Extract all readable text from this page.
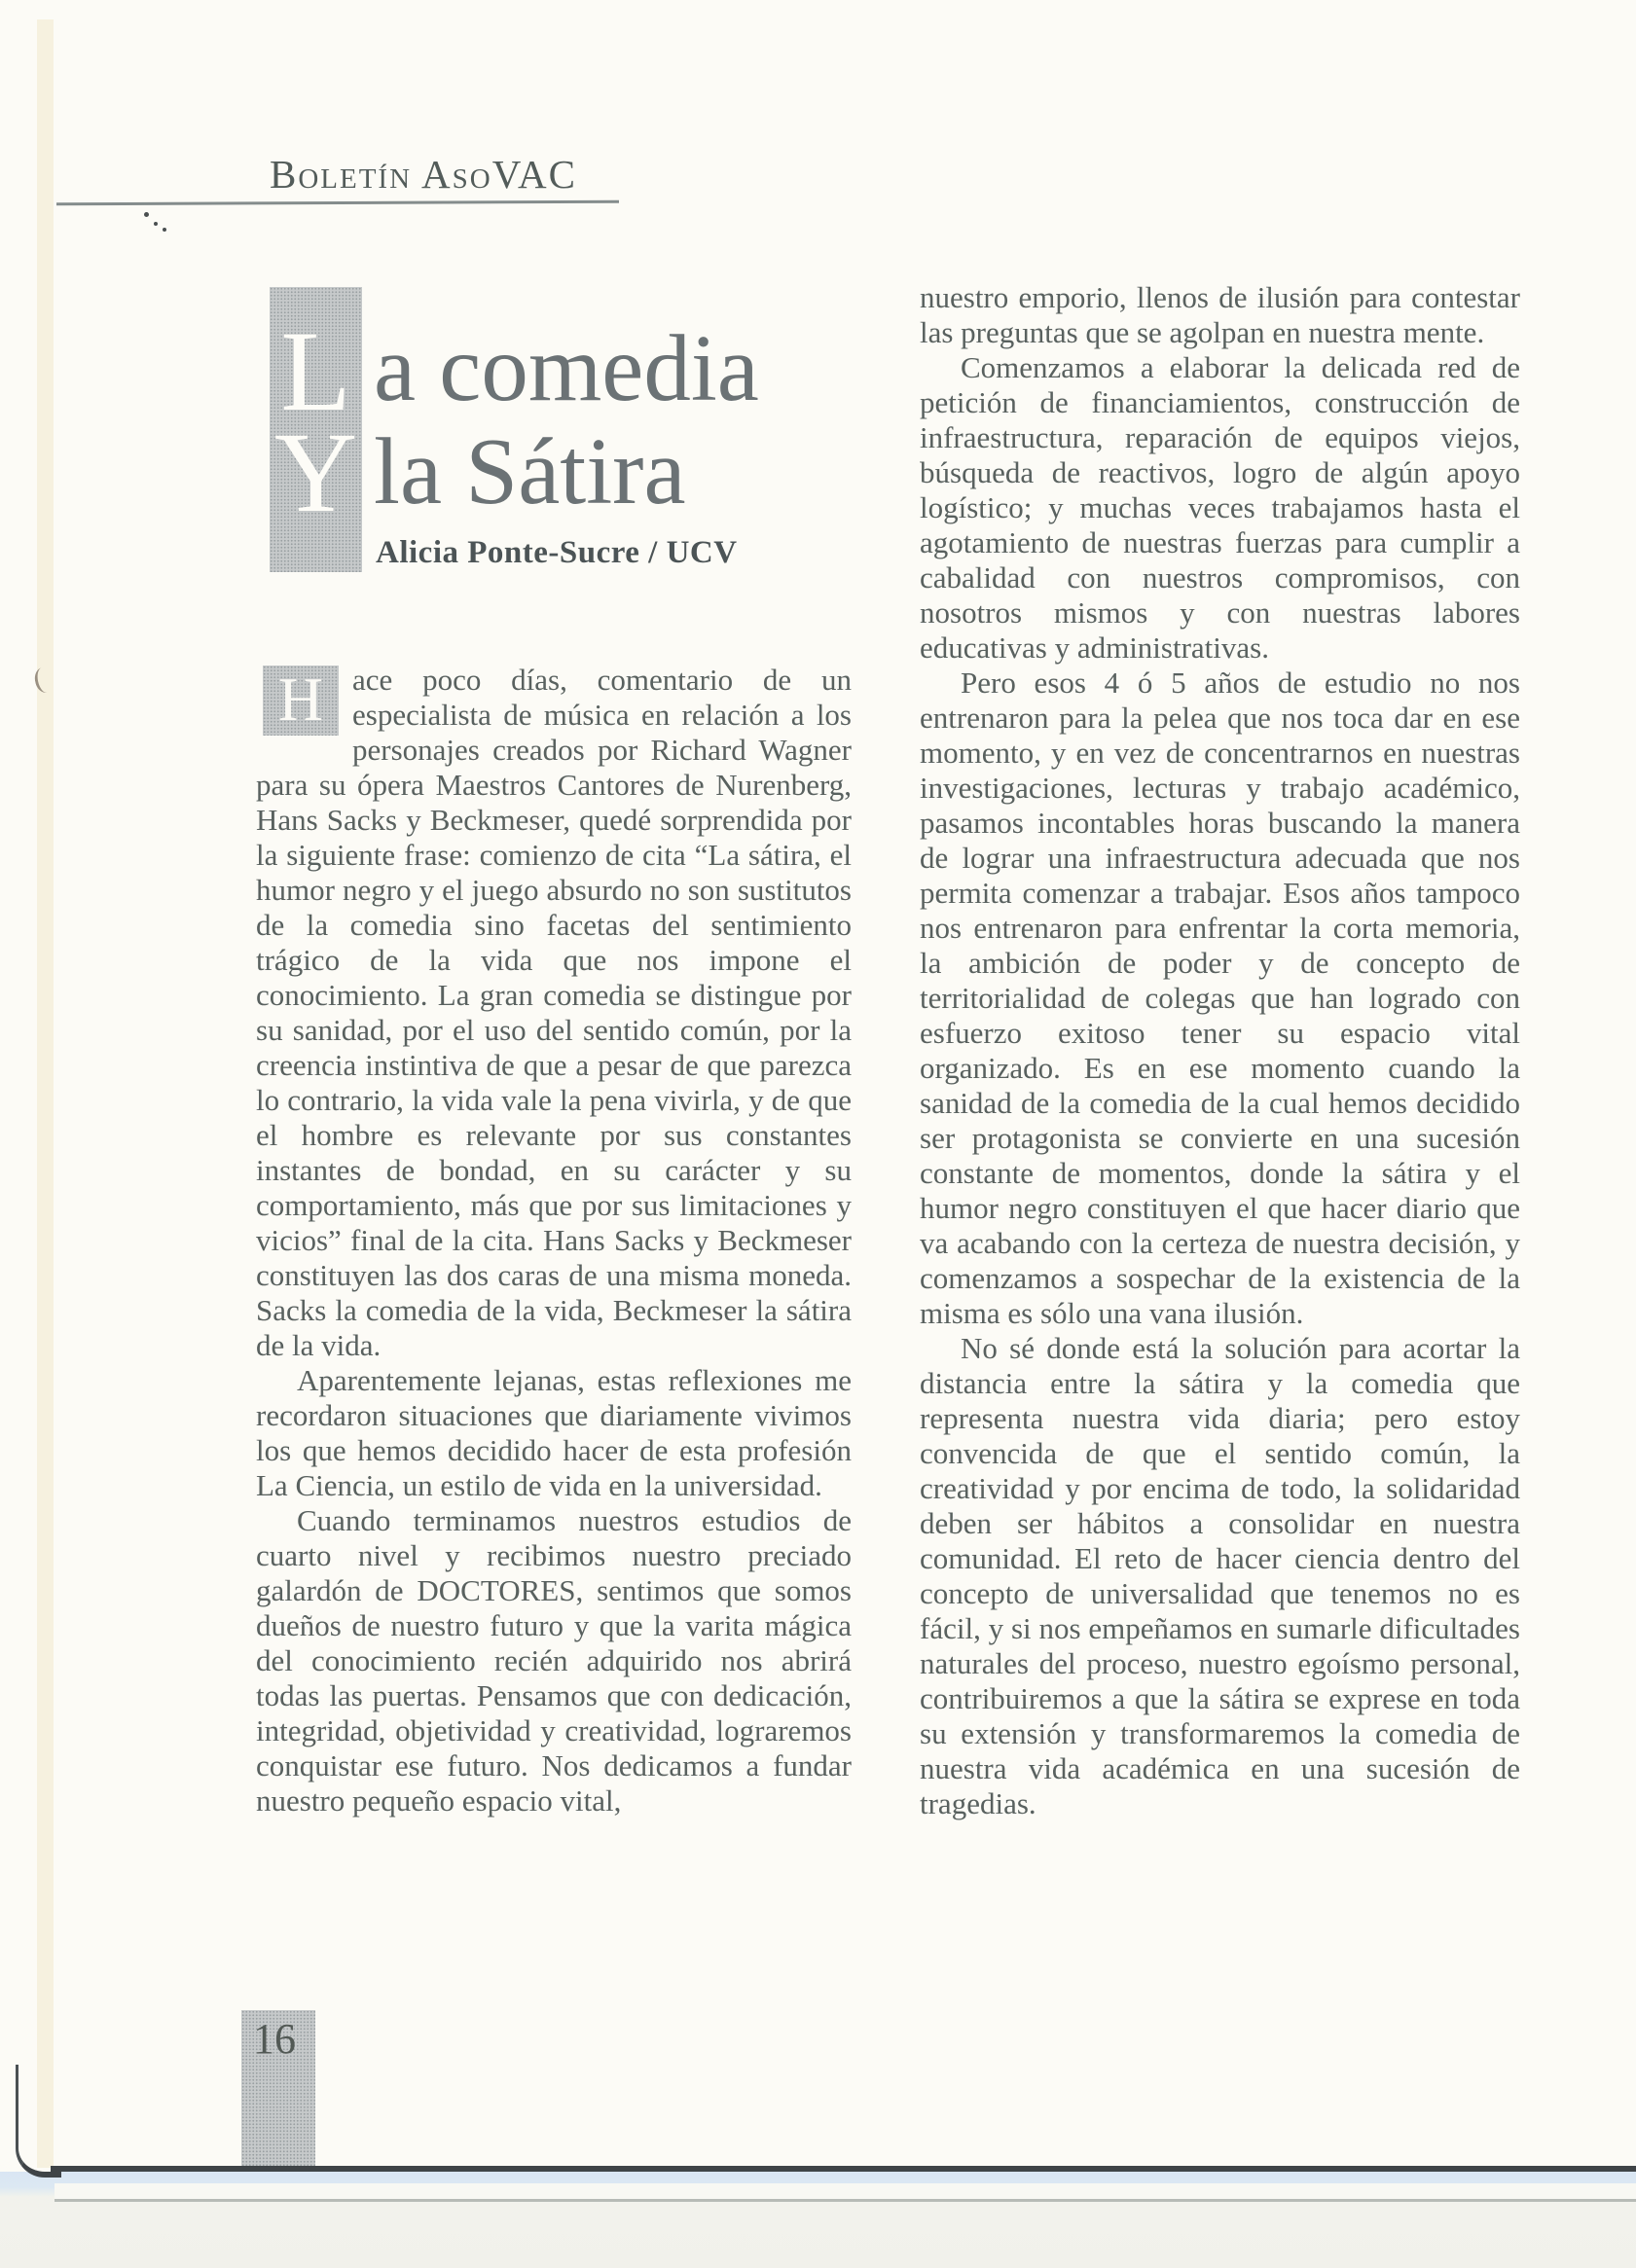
Boletín AsoVAC
L
Y
a comedia
la Sátira
Alicia Ponte-Sucre / UCV

H ace poco días, comentario de un especialista de música en relación a los personajes creados por Richard Wagner para su ópera Maestros Cantores de Nurenberg, Hans Sacks y Beckmeser, quedé sorprendida por la siguiente frase: comienzo de cita “La sátira, el humor negro y el juego absurdo no son sustitutos de la comedia sino facetas del sentimiento trágico de la vida que nos impone el conocimiento. La gran comedia se distingue por su sanidad, por el uso del sentido común, por la creencia instintiva de que a pesar de que parezca lo contrario, la vida vale la pena vivirla, y de que el hombre es relevante por sus constantes instantes de bondad, en su carácter y su comportamiento, más que por sus limitaciones y vicios” final de la cita. Hans Sacks y Beckmeser constituyen las dos caras de una misma moneda. Sacks la comedia de la vida, Beckmeser la sátira de la vida.

Aparentemente lejanas, estas reflexiones me recordaron situaciones que diariamente vivimos los que hemos decidido hacer de esta profesión La Ciencia, un estilo de vida en la universidad.

Cuando terminamos nuestros estudios de cuarto nivel y recibimos nuestro preciado galardón de DOCTORES, sentimos que somos dueños de nuestro futuro y que la varita mágica del conocimiento recién adquirido nos abrirá todas las puertas. Pensamos que con dedicación, integridad, objetividad y creatividad, lograremos conquistar ese futuro. Nos dedicamos a fundar nuestro pequeño espacio vital,

nuestro emporio, llenos de ilusión para contestar las preguntas que se agolpan en nuestra mente.

Comenzamos a elaborar la delicada red de petición de financiamientos, construcción de infraestructura, reparación de equipos viejos, búsqueda de reactivos, logro de algún apoyo logístico; y muchas veces trabajamos hasta el agotamiento de nuestras fuerzas para cumplir a cabalidad con nuestros compromisos, con nosotros mismos y con nuestras labores educativas y administrativas.

Pero esos 4 ó 5 años de estudio no nos entrenaron para la pelea que nos toca dar en ese momento, y en vez de concentrarnos en nuestras investigaciones, lecturas y trabajo académico, pasamos incontables horas buscando la manera de lograr una infraestructura adecuada que nos permita comenzar a trabajar. Esos años tampoco nos entrenaron para enfrentar la corta memoria, la ambición de poder y de concepto de territorialidad de colegas que han logrado con esfuerzo exitoso tener su espacio vital organizado. Es en ese momento cuando la sanidad de la comedia de la cual hemos decidido ser protagonista se convierte en una sucesión constante de momentos, donde la sátira y el humor negro constituyen el que hacer diario que va acabando con la certeza de nuestra decisión, y comenzamos a sospechar de la existencia de la misma es sólo una vana ilusión.

No sé donde está la solución para acortar la distancia entre la sátira y la comedia que representa nuestra vida diaria; pero estoy convencida de que el sentido común, la creatividad y por encima de todo, la solidaridad deben ser hábitos a consolidar en nuestra comunidad. El reto de hacer ciencia dentro del concepto de universalidad que tenemos no es fácil, y si nos empeñamos en sumarle dificultades naturales del proceso, nuestro egoísmo personal, contribuiremos a que la sátira se exprese en toda su extensión y transformaremos la comedia de nuestra vida académica en una sucesión de tragedias.

16
